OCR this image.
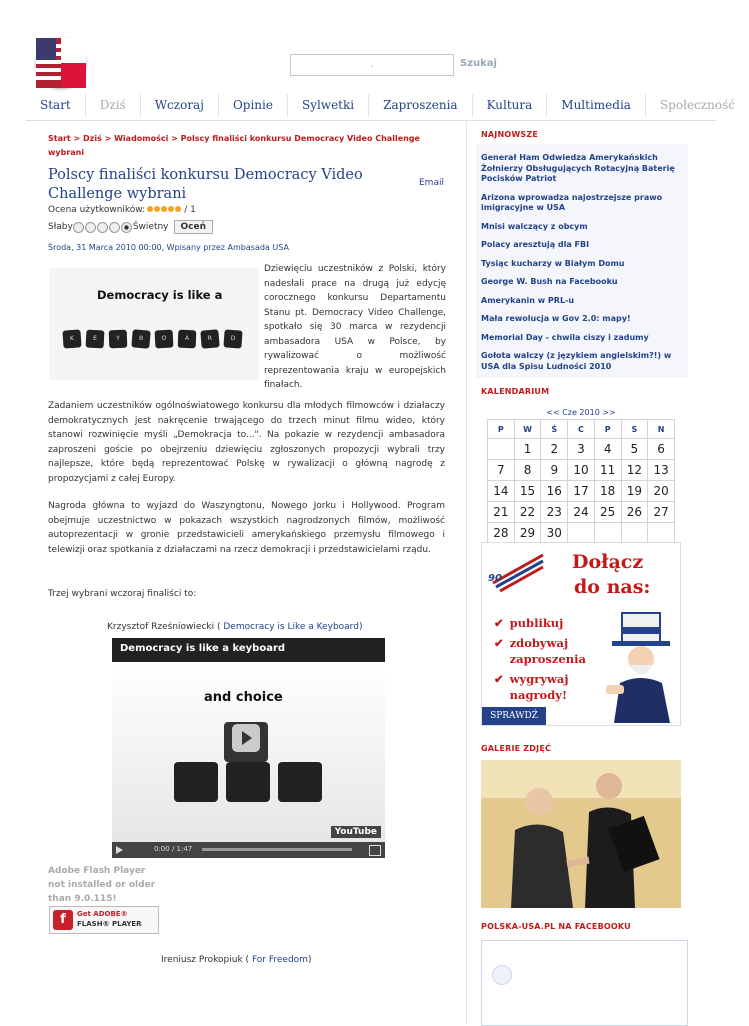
.	Szukaj
Start	Dziś	Wczoraj	Opinie	Sylwetki	Zaproszenia	Kultura	Multimedia	Społeczność
Start > Dziś > Wiadomości > Polscy finaliści konkursu Democracy Video Challenge wybrani
Polscy finaliści konkursu Democracy Video Challenge wybrani
Email
Ocena użytkowników:	/ 1
Słaby	Świetny	Oceń
Środa, 31 Marca 2010 00:00, Wpisany przez Ambasada USA
Democracy is like a
K	E	Y	B	O	A	R	D
Dziewięciu uczestników z Polski, który nadesłali prace na drugą już edycję corocznego konkursu Departamentu Stanu pt. Democracy Video Challenge, spotkało się 30 marca w rezydencji ambasadora USA w Polsce, by rywalizować o możliwość reprezentowania kraju w europejskich finałach.
Zadaniem uczestników ogólnoświatowego konkursu dla młodych filmowców i działaczy demokratycznych jest nakręcenie trwającego do trzech minut filmu wideo, który stanowi rozwinięcie myśli „Demokracja to...". Na pokazie w rezydencji ambasadora zaproszeni goście po obejrzeniu dziewięciu zgłoszonych propozycji wybrali trzy najlepsze, które będą reprezentować Polskę w rywalizacji o główną nagrodę z propozycjami z całej Europy.
Nagroda główna to wyjazd do Waszyngtonu, Nowego Jorku i Hollywood. Program obejmuje uczestnictwo w pokazach wszystkich nagrodzonych filmów, możliwość autoprezentacji w gronie przedstawicieli amerykańskiego przemysłu filmowego i telewizji oraz spotkania z działaczami na rzecz demokracji i przedstawicielami rządu.
Trzej wybrani wczoraj finaliści to:
Krzysztof Rześniowiecki ( Democracy is Like a Keyboard)
Democracy is like a keyboard
and choice
YouTube
0:00 / 1:47
Adobe Flash Player not installed or older than 9.0.115!
f	Get ADOBE®
FLASH® PLAYER
Ireniusz Prokopiuk ( For Freedom)
NAJNOWSZE
Generał Ham Odwiedza Amerykańskich Żołnierzy Obsługujących Rotacyjną Baterię Pocisków Patriot
Arizona wprowadza najostrzejsze prawo imigracyjne w USA
Mnisi walczący z obcym
Polacy aresztują dla FBI
Tysiąc kucharzy w Białym Domu
George W. Bush na Facebooku
Amerykanin w PRL-u
Mała rewolucja w Gov 2.0: mapy!
Memorial Day - chwila ciszy i zadumy
Gołota walczy (z językiem angielskim?!) w USA dla Spisu Ludności 2010
KALENDARIUM
<< Cze 2010 >>						
P	W	Ś	C	P	S	N
	1	2	3	4	5	6
7	8	9	10	11	12	13
14	15	16	17	18	19	20
21	22	23	24	25	26	27
28	29	30				
90
Dołącz
do nas:
✔ publikuj
✔ zdobywaj zaproszenia
✔ wygrywaj nagrody!
SPRAWDŹ
GALERIE ZDJĘĆ
POLSKA-USA.PL NA FACEBOOKU
